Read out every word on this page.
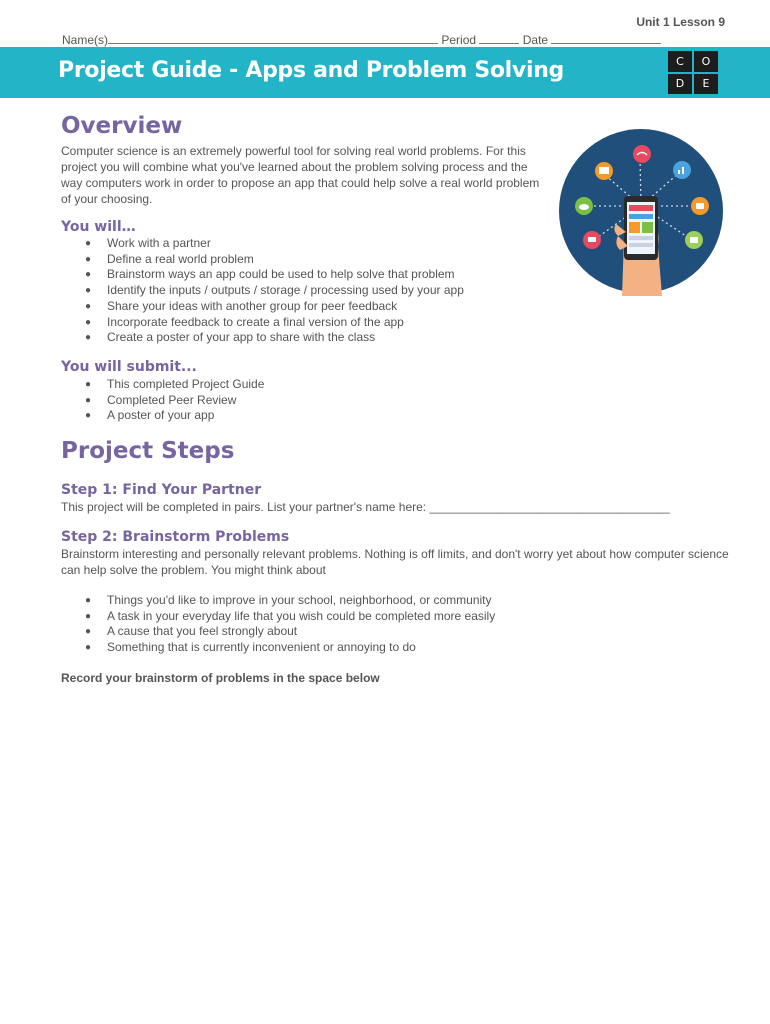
Unit 1 Lesson 9
Name(s)	Period	Date
Project Guide - Apps and Problem Solving	C	O
D	E
Overview
Computer science is an extremely powerful tool for solving real world problems. For this project you will combine what you've learned about the problem solving process and the way computers work in order to propose an app that could help solve a real world problem of your choosing.
You will…
● Work with a partner
● Define a real world problem
● Brainstorm ways an app could be used to help solve that problem
● Identify the inputs / outputs / storage / processing used by your app
● Share your ideas with another group for peer feedback
● Incorporate feedback to create a final version of the app
● Create a poster of your app to share with the class
You will submit...
● This completed Project Guide
● Completed Peer Review
● A poster of your app
Project Steps
Step 1: Find Your Partner
This project will be completed in pairs. List your partner's name here: ____________________________________
Step 2: Brainstorm Problems
Brainstorm interesting and personally relevant problems. Nothing is off limits, and don't worry yet about how computer science can help solve the problem. You might think about
● Things you'd like to improve in your school, neighborhood, or community
● A task in your everyday life that you wish could be completed more easily
● A cause that you feel strongly about
● Something that is currently inconvenient or annoying to do
Record your brainstorm of problems in the space below
